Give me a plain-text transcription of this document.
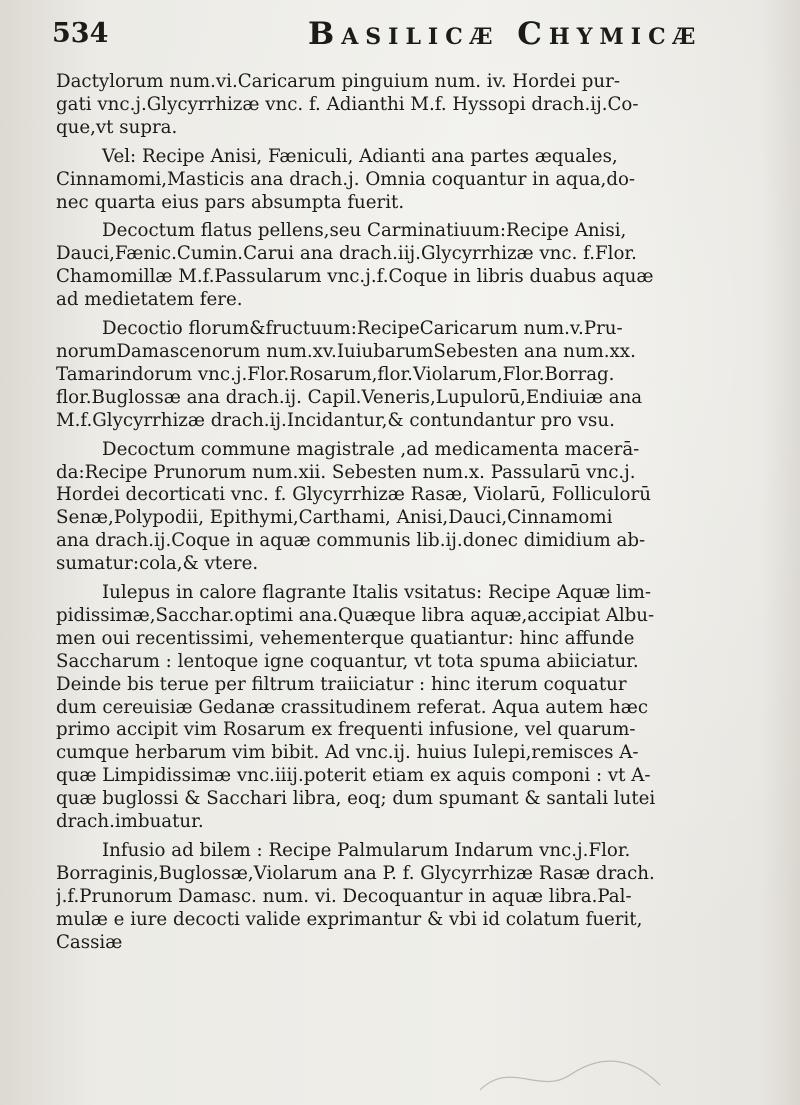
534	Basilicæ Chymicæ
Dactylorum num.vi.Caricarum pinguium num. iv. Hordei pur-
gati vnc.j.Glycyrrhizæ vnc. f. Adianthi M.f. Hyssopi drach.ij.Co-
que,vt supra.
Vel: Recipe Anisi, Fæniculi, Adianti ana partes æquales,
Cinnamomi,Masticis ana drach.j. Omnia coquantur in aqua,do-
nec quarta eius pars absumpta fuerit.
Decoctum flatus pellens,seu Carminatiuum:Recipe Anisi,
Dauci,Fænic.Cumin.Carui ana drach.iij.Glycyrrhizæ vnc. f.Flor.
Chamomillæ M.f.Passularum vnc.j.f.Coque in libris duabus aquæ
ad medietatem fere.
Decoctio florum&fructuum:RecipeCaricarum num.v.Pru-
norumDamascenorum num.xv.IuiubarumSebesten ana num.xx.
Tamarindorum vnc.j.Flor.Rosarum,flor.Violarum,Flor.Borrag.
flor.Buglossæ ana drach.ij. Capil.Veneris,Lupulorū,Endiuiæ ana
M.f.Glycyrrhizæ drach.ij.Incidantur,& contundantur pro vsu.
Decoctum commune magistrale ,ad medicamenta macerā-
da:Recipe Prunorum num.xii. Sebesten num.x. Passularū vnc.j.
Hordei decorticati vnc. f. Glycyrrhizæ Rasæ, Violarū, Folliculorū
Senæ,Polypodii, Epithymi,Carthami, Anisi,Dauci,Cinnamomi
ana drach.ij.Coque in aquæ communis lib.ij.donec dimidium ab-
sumatur:cola,& vtere.
Iulepus in calore flagrante Italis vsitatus: Recipe Aquæ lim-
pidissimæ,Sacchar.optimi ana.Quæque libra aquæ,accipiat Albu-
men oui recentissimi, vehementerque quatiantur: hinc affunde
Saccharum : lentoque igne coquantur, vt tota spuma abiiciatur.
Deinde bis terue per filtrum traiiciatur : hinc iterum coquatur
dum cereuisiæ Gedanæ crassitudinem referat. Aqua autem hæc
primo accipit vim Rosarum ex frequenti infusione, vel quarum-
cumque herbarum vim bibit. Ad vnc.ij. huius Iulepi,remisces A-
quæ Limpidissimæ vnc.iiij.poterit etiam ex aquis componi : vt A-
quæ buglossi & Sacchari libra, eoq; dum spumant & santali lutei
drach.imbuatur.
Infusio ad bilem : Recipe Palmularum Indarum vnc.j.Flor.
Borraginis,Buglossæ,Violarum ana P. f. Glycyrrhizæ Rasæ drach.
j.f.Prunorum Damasc. num. vi. Decoquantur in aquæ libra.Pal-
mulæ e iure decocti valide exprimantur & vbi id colatum fuerit,
Cassiæ
